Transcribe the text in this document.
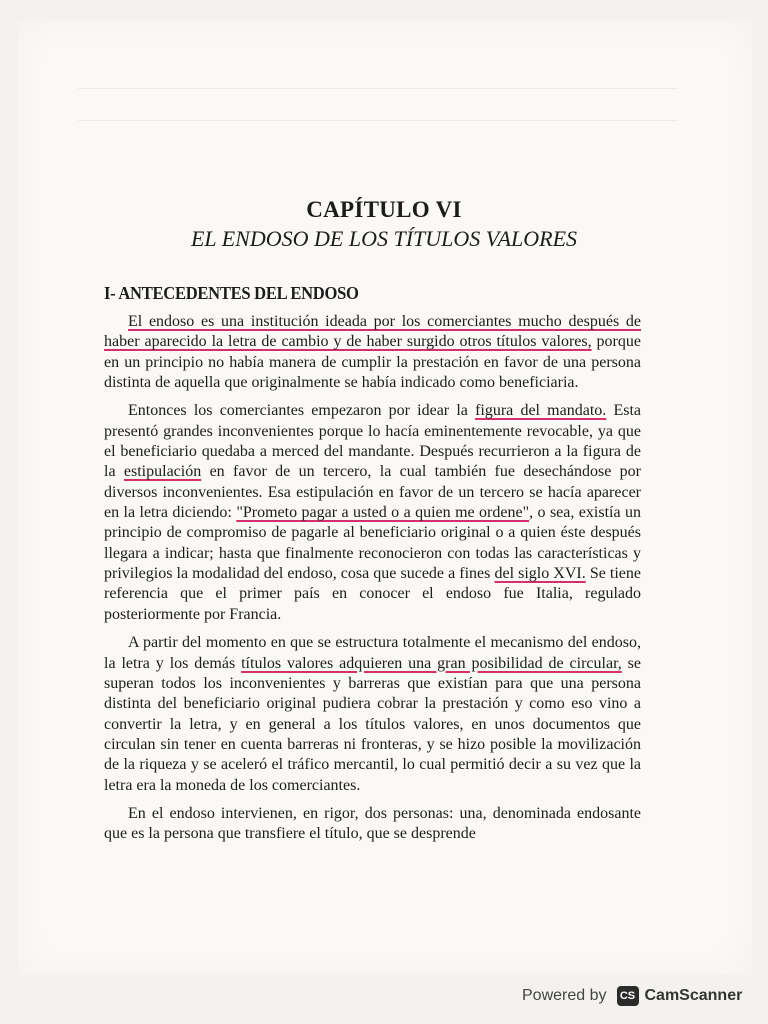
CAPÍTULO VI
EL ENDOSO DE LOS TÍTULOS VALORES
I- ANTECEDENTES DEL ENDOSO

El endoso es una institución ideada por los comerciantes mucho después de haber aparecido la letra de cambio y de haber surgido otros títulos valores, porque en un principio no había manera de cumplir la prestación en favor de una persona distinta de aquella que originalmente se había indicado como beneficiaria.

Entonces los comerciantes empezaron por idear la figura del mandato. Esta presentó grandes inconvenientes porque lo hacía eminentemente revocable, ya que el beneficiario quedaba a merced del mandante. Después recurrieron a la figura de la estipulación en favor de un tercero, la cual también fue desechándose por diversos inconvenientes. Esa estipulación en favor de un tercero se hacía aparecer en la letra diciendo: "Prometo pagar a usted o a quien me ordene", o sea, existía un principio de compromiso de pagarle al beneficiario original o a quien éste después llegara a indicar; hasta que finalmente reconocieron con todas las características y privilegios la modalidad del endoso, cosa que sucede a fines del siglo XVI. Se tiene referencia que el primer país en conocer el endoso fue Italia, regulado posteriormente por Francia.

A partir del momento en que se estructura totalmente el mecanismo del endoso, la letra y los demás títulos valores adquieren una gran posibilidad de circular, se superan todos los inconvenientes y barreras que existían para que una persona distinta del beneficiario original pudiera cobrar la prestación y como eso vino a convertir la letra, y en general a los títulos valores, en unos documentos que circulan sin tener en cuenta barreras ni fronteras, y se hizo posible la movilización de la riqueza y se aceleró el tráfico mercantil, lo cual permitió decir a su vez que la letra era la moneda de los comerciantes.

En el endoso intervienen, en rigor, dos personas: una, denominada endosante que es la persona que transfiere el título, que se desprende

Powered by	CS CamScanner
